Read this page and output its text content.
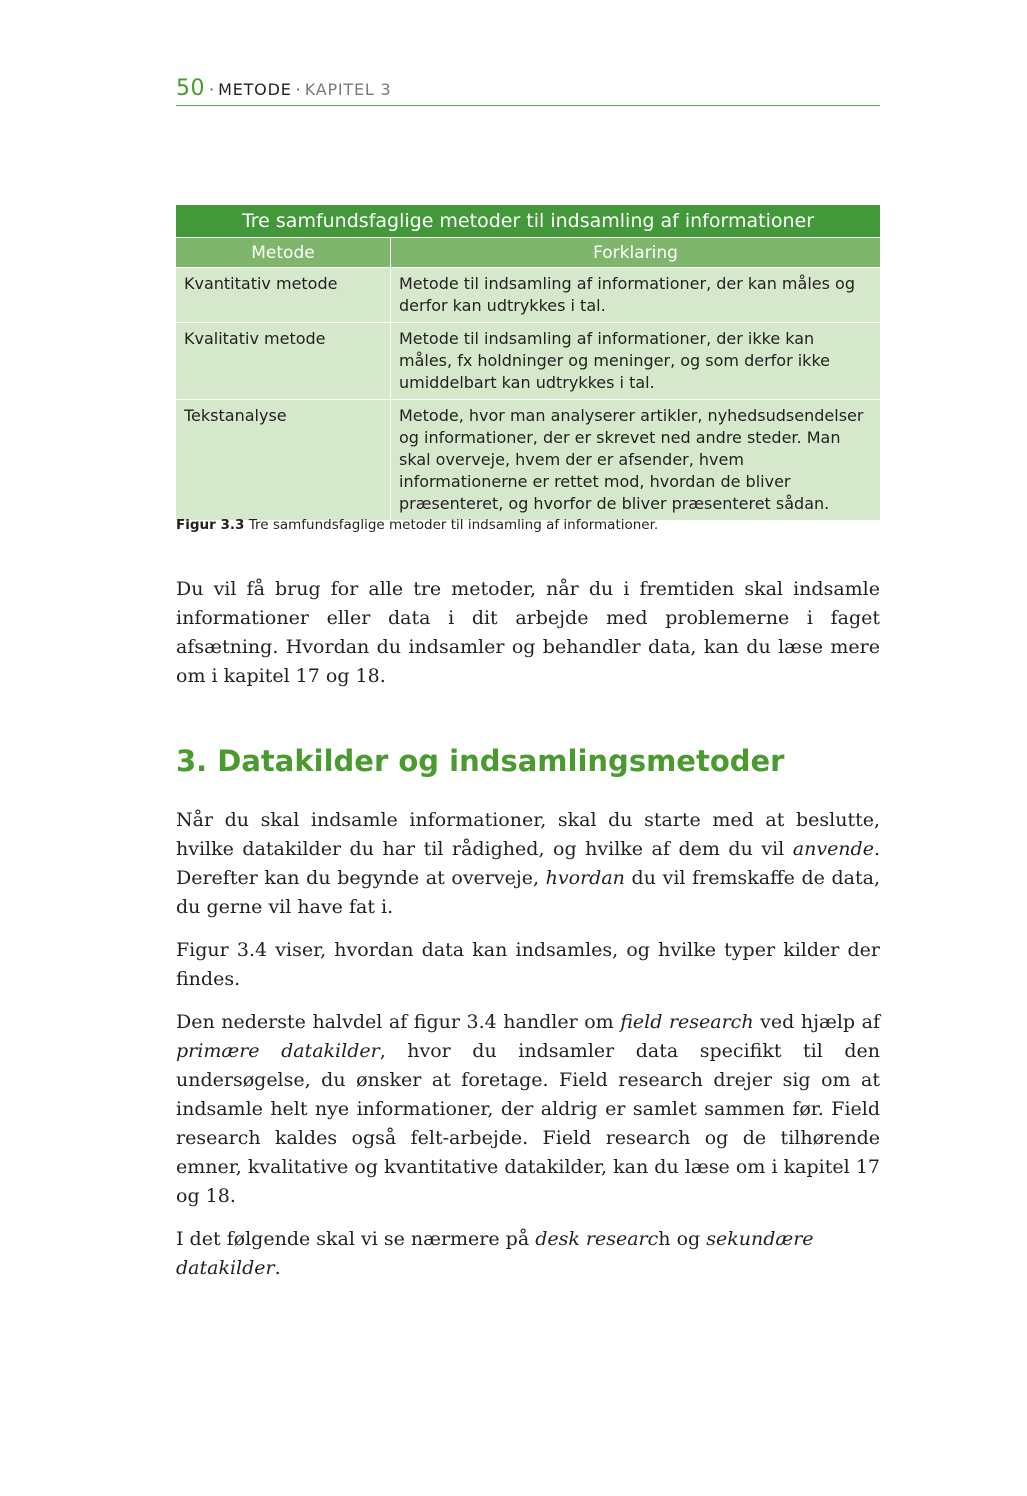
50 · METODE · KAPITEL 3
Tre samfundsfaglige metoder til indsamling af informationer	
Metode	Forklaring
Kvantitativ metode	Metode til indsamling af informationer, der kan måles og derfor kan udtrykkes i tal.
Kvalitativ metode	Metode til indsamling af informationer, der ikke kan måles, fx holdninger og meninger, og som derfor ikke umiddelbart kan udtrykkes i tal.
Tekstanalyse	Metode, hvor man analyserer artikler, nyhedsudsendelser og informationer, der er skrevet ned andre steder. Man skal overveje, hvem der er afsender, hvem informationerne er rettet mod, hvordan de bliver præsenteret, og hvorfor de bliver præsenteret sådan.
Figur 3.3 Tre samfundsfaglige metoder til indsamling af informationer.

Du vil få brug for alle tre metoder, når du i fremtiden skal indsamle informationer eller data i dit arbejde med problemerne i faget afsætning. Hvordan du indsamler og behandler data, kan du læse mere om i kapitel 17 og 18.

3. Datakilder og indsamlingsmetoder

Når du skal indsamle informationer, skal du starte med at beslutte, hvilke datakilder du har til rådighed, og hvilke af dem du vil anvende. Derefter kan du begynde at overveje, hvordan du vil fremskaffe de data, du gerne vil have fat i.

Figur 3.4 viser, hvordan data kan indsamles, og hvilke typer kilder der findes.

Den nederste halvdel af figur 3.4 handler om field research ved hjælp af primære datakilder, hvor du indsamler data specifikt til den undersøgelse, du ønsker at foretage. Field research drejer sig om at indsamle helt nye informationer, der aldrig er samlet sammen før. Field research kaldes også felt-arbejde. Field research og de tilhørende emner, kvalitative og kvantitative datakilder, kan du læse om i kapitel 17 og 18.

I det følgende skal vi se nærmere på desk research og sekundære datakilder.
